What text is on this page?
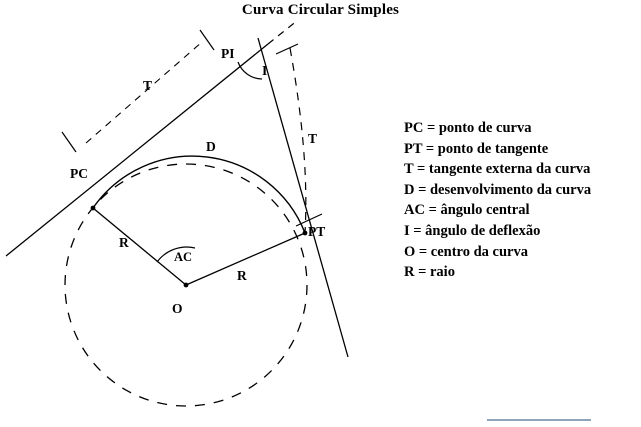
Curva Circular Simples
PI
I
T
T
PC
PT
D
R
R
AC
O
PC = ponto de curva
PT = ponto de tangente
T = tangente externa da curva
D = desenvolvimento da curva
AC = ângulo central
I = ângulo de deflexão
O = centro da curva
R = raio
